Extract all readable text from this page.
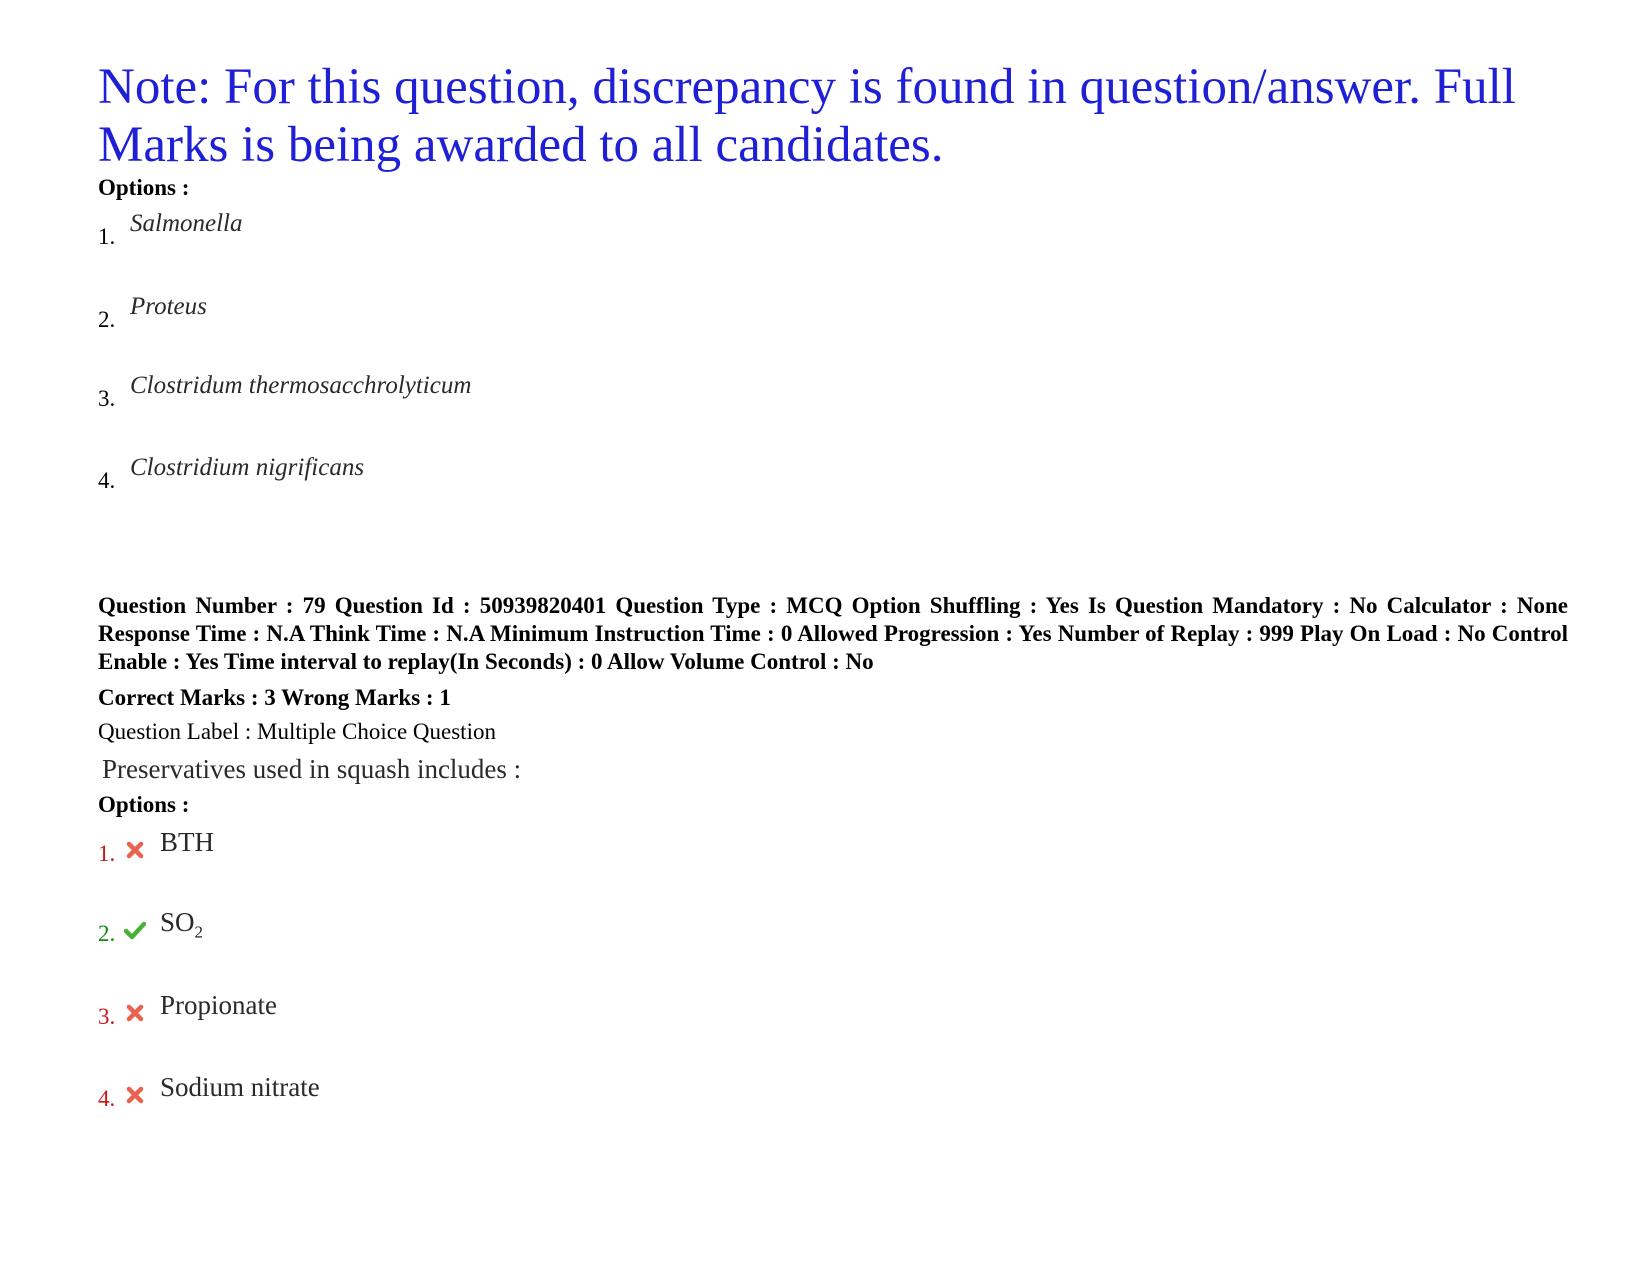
Note: For this question, discrepancy is found in question/answer. Full Marks is being awarded to all candidates.
Options :
1. Salmonella
2. Proteus
3. Clostridum thermosacchrolyticum
4. Clostridium nigrificans
Question Number : 79 Question Id : 50939820401 Question Type : MCQ Option Shuffling : Yes Is Question Mandatory : No Calculator : None Response Time : N.A Think Time : N.A Minimum Instruction Time : 0 Allowed Progression : Yes Number of Replay : 999 Play On Load : No Control Enable : Yes Time interval to replay(In Seconds) : 0 Allow Volume Control : No
Correct Marks : 3 Wrong Marks : 1
Question Label : Multiple Choice Question
Preservatives used in squash includes :
Options :
1. BTH
2. $SO_2$
3. Propionate
4. Sodium nitrate
